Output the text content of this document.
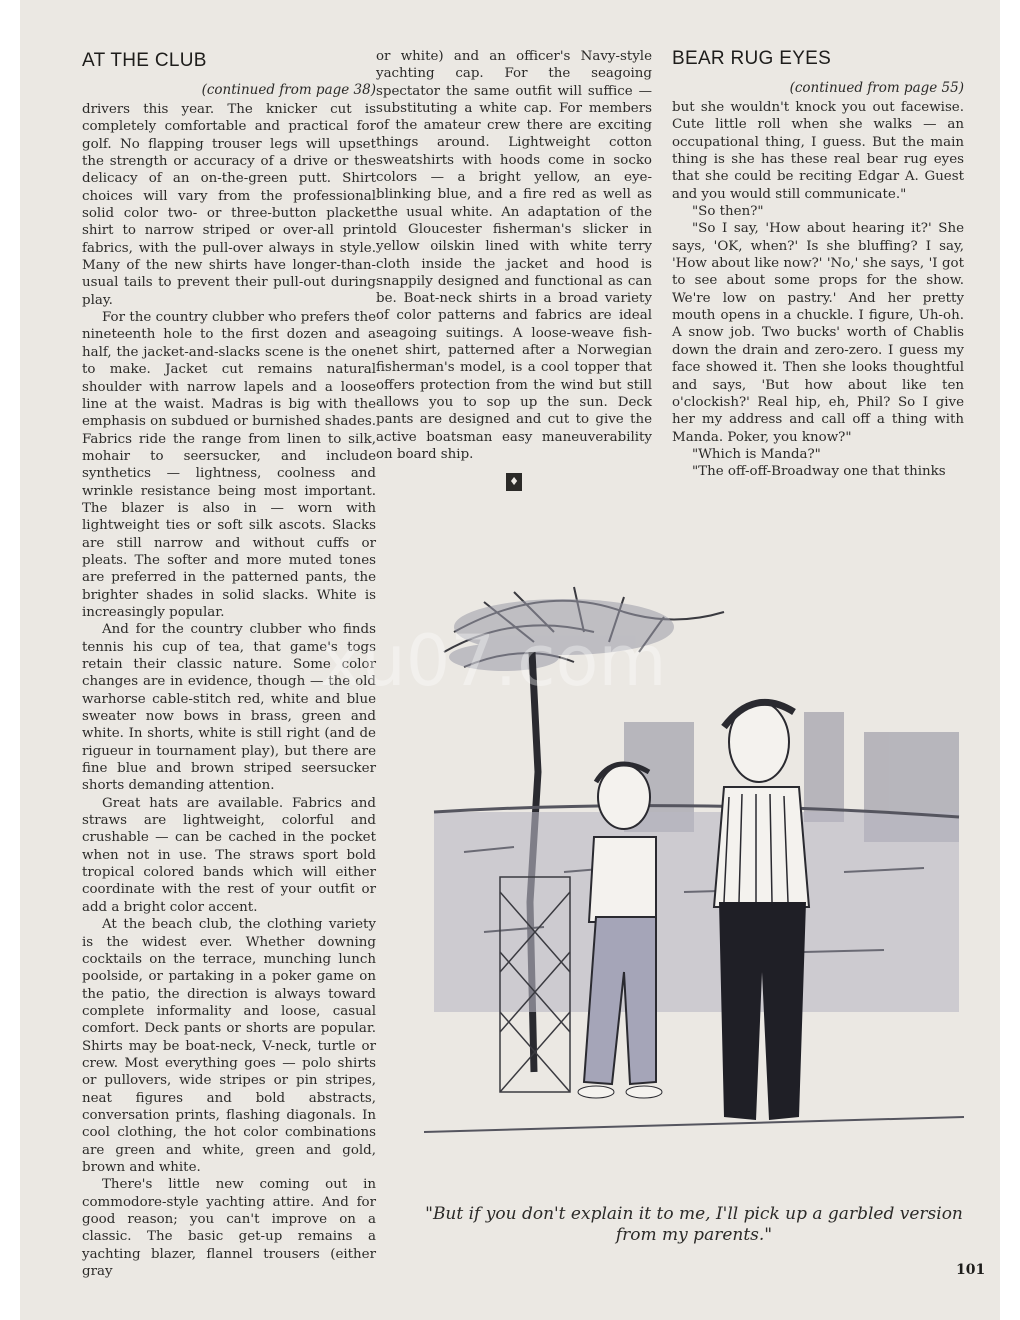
AT THE CLUB

(continued from page 38)

drivers this year. The knicker cut is completely comfortable and practical for golf. No flapping trouser legs will upset the strength or accuracy of a drive or the delicacy of an on-the-green putt. Shirt choices will vary from the professional solid color two- or three-button placket shirt to narrow striped or over-all print fabrics, with the pull-over always in style. Many of the new shirts have longer-than-usual tails to prevent their pull-out during play.

For the country clubber who prefers the nineteenth hole to the first dozen and a half, the jacket-and-slacks scene is the one to make. Jacket cut remains natural shoulder with narrow lapels and a loose line at the waist. Madras is big with the emphasis on subdued or burnished shades. Fabrics ride the range from linen to silk, mohair to seersucker, and include synthetics — lightness, coolness and wrinkle resistance being most important. The blazer is also in — worn with lightweight ties or soft silk ascots. Slacks are still narrow and without cuffs or pleats. The softer and more muted tones are preferred in the patterned pants, the brighter shades in solid slacks. White is increasingly popular.

And for the country clubber who finds tennis his cup of tea, that game's togs retain their classic nature. Some color changes are in evidence, though — the old warhorse cable-stitch red, white and blue sweater now bows in brass, green and white. In shorts, white is still right (and de rigueur in tournament play), but there are fine blue and brown striped seersucker shorts demanding attention.

Great hats are available. Fabrics and straws are lightweight, colorful and crushable — can be cached in the pocket when not in use. The straws sport bold tropical colored bands which will either coordinate with the rest of your outfit or add a bright color accent.

At the beach club, the clothing variety is the widest ever. Whether downing cocktails on the terrace, munching lunch poolside, or partaking in a poker game on the patio, the direction is always toward complete informality and loose, casual comfort. Deck pants or shorts are popular. Shirts may be boat-neck, V-neck, turtle or crew. Most everything goes — polo shirts or pullovers, wide stripes or pin stripes, neat figures and bold abstracts, conversation prints, flashing diagonals. In cool clothing, the hot color combinations are green and white, green and gold, brown and white.

There's little new coming out in commodore-style yachting attire. And for good reason; you can't improve on a classic. The basic get-up remains a yachting blazer, flannel trousers (either gray

or white) and an officer's Navy-style yachting cap. For the seagoing spectator the same outfit will suffice — substituting a white cap. For members of the amateur crew there are exciting things around. Lightweight cotton sweatshirts with hoods come in socko colors — a bright yellow, an eye-blinking blue, and a fire red as well as the usual white. An adaptation of the old Gloucester fisherman's slicker in yellow oilskin lined with white terry cloth inside the jacket and hood is snappily designed and functional as can be. Boat-neck shirts in a broad variety of color patterns and fabrics are ideal seagoing suitings. A loose-weave fish-net shirt, patterned after a Norwegian fisherman's model, is a cool topper that offers protection from the wind but still allows you to sop up the sun. Deck pants are designed and cut to give the active boatsman easy maneuverability on board ship.

♦
BEAR RUG EYES

(continued from page 55)

but she wouldn't knock you out facewise. Cute little roll when she walks — an occupational thing, I guess. But the main thing is she has these real bear rug eyes that she could be reciting Edgar A. Guest and you would still communicate."

"So then?"

"So I say, 'How about hearing it?' She says, 'OK, when?' Is she bluffing? I say, 'How about like now?' 'No,' she says, 'I got to see about some props for the show. We're low on pastry.' And her pretty mouth opens in a chuckle. I figure, Uh-oh. A snow job. Two bucks' worth of Chablis down the drain and zero-zero. I guess my face showed it. Then she looks thoughtful and says, 'But how about like ten o'clockish?' Real hip, eh, Phil? So I give her my address and call off a thing with Manda. Poker, you know?"

"Which is Manda?"

"The off-off-Broadway one that thinks

"But if you don't explain it to me, I'll pick up a garbled version from my parents."
101
xu07.com
